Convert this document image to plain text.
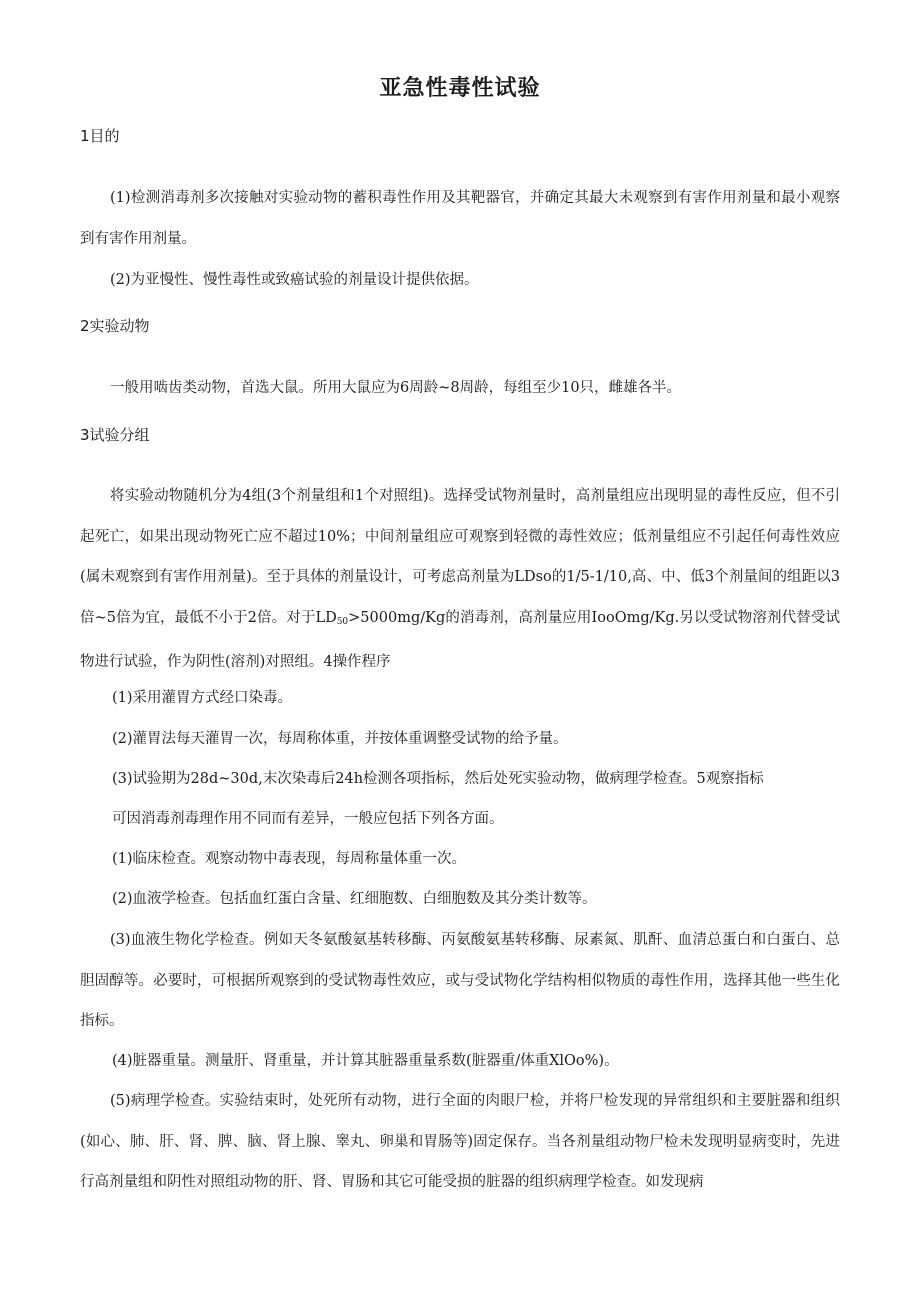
亚急性毒性试验
1目的

(1)检测消毒剂多次接触对实验动物的蓄积毒性作用及其靶器官，并确定其最大未观察到有害作用剂量和最小观察到有害作用剂量。

(2)为亚慢性、慢性毒性或致癌试验的剂量设计提供依据。

2实验动物

一般用啮齿类动物，首选大鼠。所用大鼠应为6周龄~8周龄，每组至少10只，雌雄各半。

3试验分组

将实验动物随机分为4组(3个剂量组和1个对照组)。选择受试物剂量时，高剂量组应出现明显的毒性反应，但不引起死亡，如果出现动物死亡应不超过10%；中间剂量组应可观察到轻微的毒性效应；低剂量组应不引起任何毒性效应(属未观察到有害作用剂量)。至于具体的剂量设计，可考虑高剂量为LDso的1/5-1/10,高、中、低3个剂量间的组距以3倍~5倍为宜，最低不小于2倍。对于$LD_{50}>5000mg∕Kg$的消毒剂，高剂量应用IooOmg/Kg.另以受试物溶剂代替受试物进行试验，作为阴性(溶剂)对照组。4操作程序

(1)采用灌胃方式经口染毒。
(2)灌胃法每天灌胃一次，每周称体重，并按体重调整受试物的给予量。
(3)试验期为28d~30d,末次染毒后24h检测各项指标，然后处死实验动物，做病理学检查。5观察指标
可因消毒剂毒理作用不同而有差异，一般应包括下列各方面。
(1)临床检查。观察动物中毒表现，每周称量体重一次。
(2)血液学检查。包括血红蛋白含量、红细胞数、白细胞数及其分类计数等。

(3)血液生物化学检查。例如天冬氨酸氨基转移酶、丙氨酸氨基转移酶、尿素氮、肌酐、血清总蛋白和白蛋白、总胆固醇等。必要时，可根据所观察到的受试物毒性效应，或与受试物化学结构相似物质的毒性作用，选择其他一些生化指标。

(4)脏器重量。测量肝、肾重量，并计算其脏器重量系数(脏器重/体重XlOo%)。

(5)病理学检查。实验结束时，处死所有动物，进行全面的肉眼尸检，并将尸检发现的异常组织和主要脏器和组织(如心、肺、肝、肾、脾、脑、肾上腺、睾丸、卵巢和胃肠等)固定保存。当各剂量组动物尸检未发现明显病变时，先进行高剂量组和阴性对照组动物的肝、肾、胃肠和其它可能受损的脏器的组织病理学检查。如发现病
